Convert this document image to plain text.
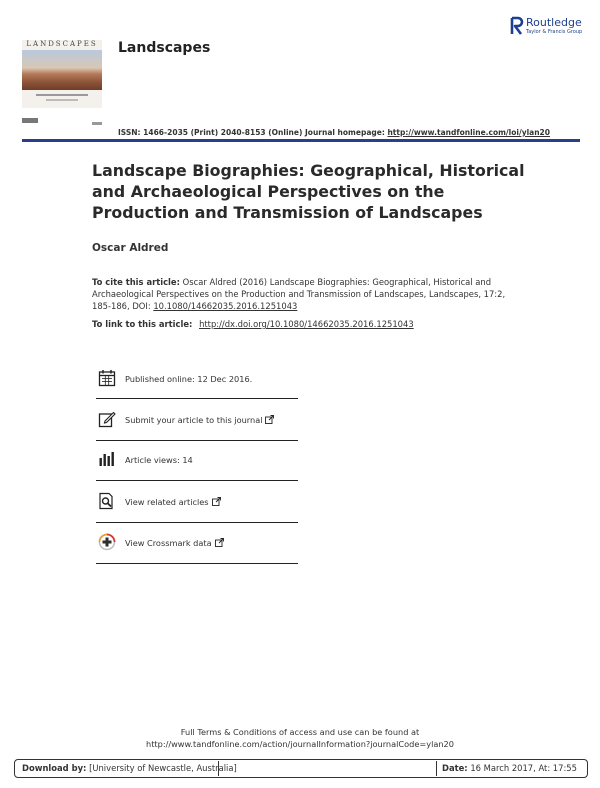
LANDSCAPES	Landscapes
Routledge
Taylor & Francis Group
ISSN: 1466-2035 (Print) 2040-8153 (Online) Journal homepage: http://www.tandfonline.com/loi/ylan20
Landscape Biographies: Geographical, Historical and Archaeological Perspectives on the Production and Transmission of Landscapes
Oscar Aldred
To cite this article: Oscar Aldred (2016) Landscape Biographies: Geographical, Historical and Archaeological Perspectives on the Production and Transmission of Landscapes, Landscapes, 17:2, 185-186, DOI: 10.1080/14662035.2016.1251043
To link to this article: http://dx.doi.org/10.1080/14662035.2016.1251043
Published online: 12 Dec 2016.
Submit your article to this journal
Article views: 14
View related articles
View Crossmark data
Full Terms & Conditions of access and use can be found at
http://www.tandfonline.com/action/journalInformation?journalCode=ylan20
Download by: [University of Newcastle, Australia]	Date: 16 March 2017, At: 17:55
